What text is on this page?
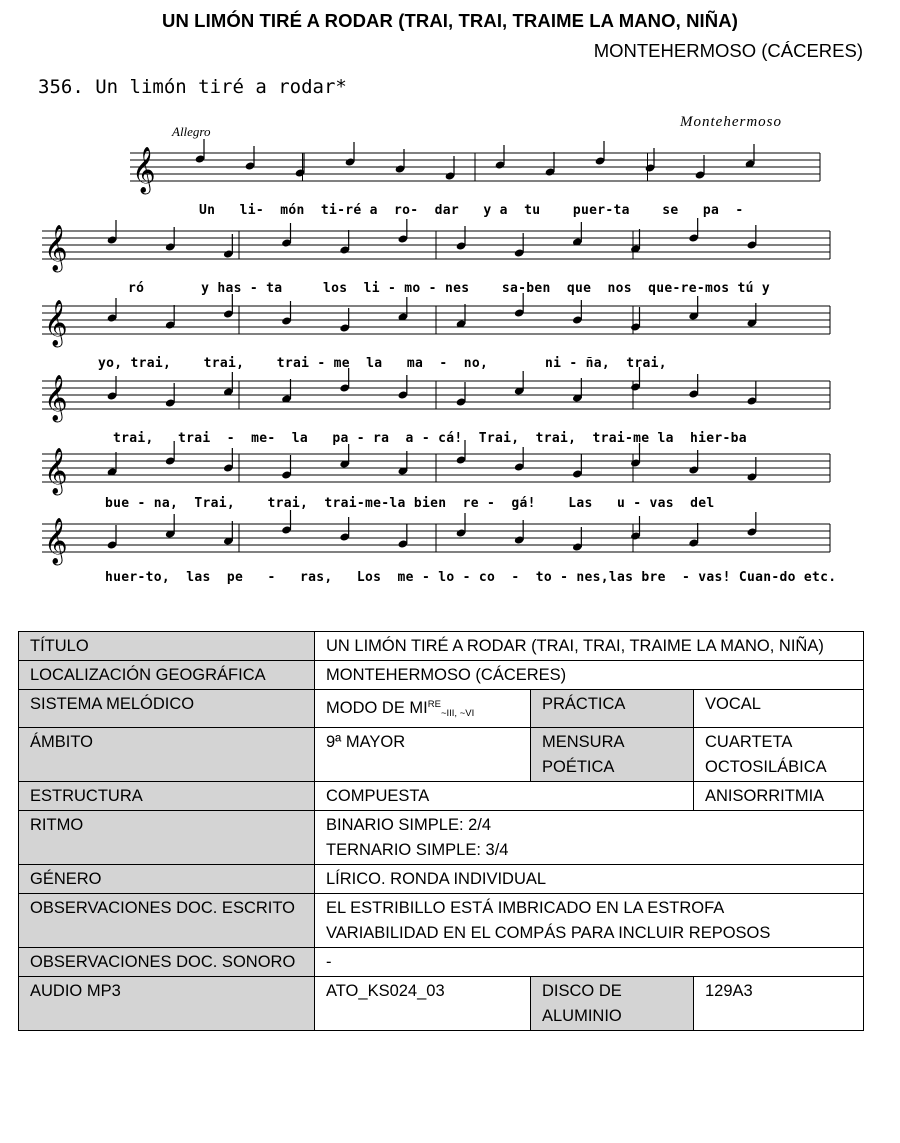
UN LIMÓN TIRÉ A RODAR (TRAI, TRAI, TRAIME LA MANO, NIÑA)
MONTEHERMOSO (CÁCERES)
356. Un limón tiré a rodar*
Allegro
Montehermoso
𝄞
𝄞
𝄞
𝄞
𝄞
𝄞
Un   li-  món  ti-ré a  ro-  dar   y a  tu    puer-ta    se   pa  -
ró       y has - ta     los  li - mo - nes    sa-ben  que  nos  que-re-mos tú y
yo, trai,    trai,    trai - me  la   ma  -  no,       ni - ña,  trai,
trai,   trai  -  me-  la   pa - ra  a - cá!  Trai,  trai,  trai-me la  hier-ba
bue - na,  Trai,    trai,  trai-me-la bien  re -  gá!    Las   u - vas  del
huer-to,  las  pe   -   ras,   Los  me - lo - co  -  to - nes,las bre  - vas! Cuan-do etc.
TÍTULO	UN LIMÓN TIRÉ A RODAR (TRAI, TRAI, TRAIME LA MANO, NIÑA)		
LOCALIZACIÓN GEOGRÁFICA	MONTEHERMOSO (CÁCERES)		
SISTEMA MELÓDICO	MODO DE $MIRE_{\sim III, \sim VI}$	PRÁCTICA	VOCAL
ÁMBITO	9ª MAYOR	MENSURA POÉTICA	CUARTETA OCTOSILÁBICA
ESTRUCTURA	COMPUESTA		ANISORRITMIA
RITMO	BINARIO SIMPLE: 2/4
TERNARIO SIMPLE: 3/4		

GÉNERO	LÍRICO. RONDA INDIVIDUAL		
OBSERVACIONES DOC. ESCRITO	EL ESTRIBILLO ESTÁ IMBRICADO EN LA ESTROFA
VARIABILIDAD EN EL COMPÁS PARA INCLUIR REPOSOS		

OBSERVACIONES DOC. SONORO	-		
AUDIO MP3	ATO_KS024_03	DISCO DE ALUMINIO	129A3
